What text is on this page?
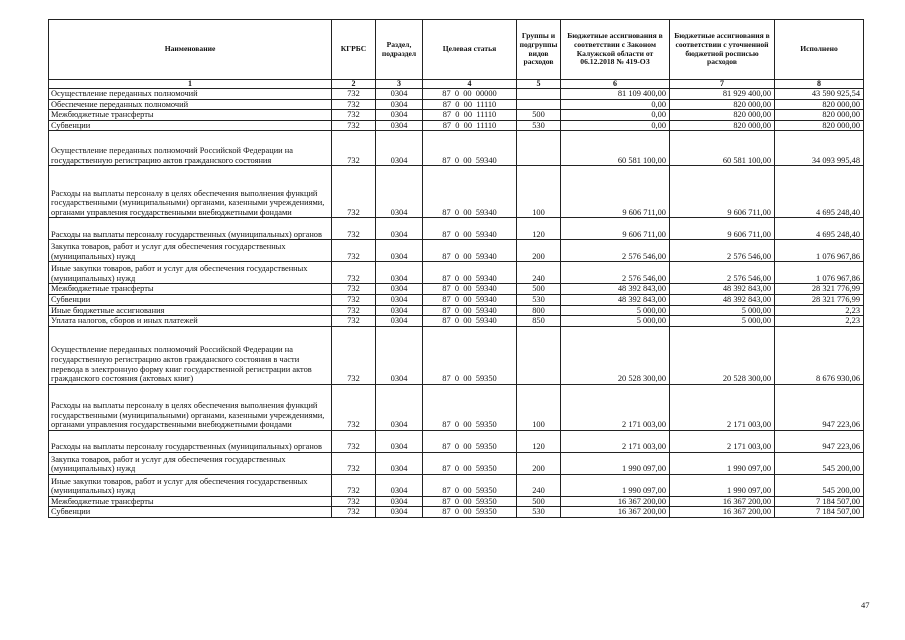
Наименование	КГРБС	Раздел, подраздел	Целевая статья	Группы и подгруппы видов расходов	Бюджетные ассигнования в соответствии с Законом Калужской области от 06.12.2018 № 419-ОЗ	Бюджетные ассигнования в соответствии с уточненной бюджетной росписью расходов	Исполнено
1	2	3	4	5	6	7	8
Осуществление переданных полномочий	732	0304	87  0  00  00000		81 109 400,00	81 929 400,00	43 590 925,54
Обеспечение переданных полномочий	732	0304	87  0  00  11110		0,00	820 000,00	820 000,00
Межбюджетные трансферты	732	0304	87  0  00  11110	500	0,00	820 000,00	820 000,00
Субвенции	732	0304	87  0  00  11110	530	0,00	820 000,00	820 000,00
Осуществление переданных полномочий Российской Федерации на государственную регистрацию актов гражданского состояния	732	0304	87  0  00  59340		60 581 100,00	60 581 100,00	34 093 995,48
Расходы на выплаты персоналу в целях обеспечения выполнения функций государственными (муниципальными) органами, казенными учреждениями, органами управления государственными внебюджетными фондами	732	0304	87  0  00  59340	100	9 606 711,00	9 606 711,00	4 695 248,40
Расходы на выплаты персоналу государственных (муниципальных) органов	732	0304	87  0  00  59340	120	9 606 711,00	9 606 711,00	4 695 248,40
Закупка товаров, работ и услуг для обеспечения государственных (муниципальных) нужд	732	0304	87  0  00  59340	200	2 576 546,00	2 576 546,00	1 076 967,86
Иные закупки товаров, работ и услуг для обеспечения государственных (муниципальных) нужд	732	0304	87  0  00  59340	240	2 576 546,00	2 576 546,00	1 076 967,86
Межбюджетные трансферты	732	0304	87  0  00  59340	500	48 392 843,00	48 392 843,00	28 321 776,99
Субвенции	732	0304	87  0  00  59340	530	48 392 843,00	48 392 843,00	28 321 776,99
Иные бюджетные ассигнования	732	0304	87  0  00  59340	800	5 000,00	5 000,00	2,23
Уплата налогов, сборов и иных платежей	732	0304	87  0  00  59340	850	5 000,00	5 000,00	2,23
Осуществление переданных полномочий Российской Федерации на государственную регистрацию актов гражданского состояния в части перевода в электронную форму книг государственной регистрации актов гражданского состояния (актовых книг)	732	0304	87  0  00  59350		20 528 300,00	20 528 300,00	8 676 930,06
Расходы на выплаты персоналу в целях обеспечения выполнения функций государственными (муниципальными) органами, казенными учреждениями, органами управления государственными внебюджетными фондами	732	0304	87  0  00  59350	100	2 171 003,00	2 171 003,00	947 223,06
Расходы на выплаты персоналу государственных (муниципальных) органов	732	0304	87  0  00  59350	120	2 171 003,00	2 171 003,00	947 223,06
Закупка товаров, работ и услуг для обеспечения государственных (муниципальных) нужд	732	0304	87  0  00  59350	200	1 990 097,00	1 990 097,00	545 200,00
Иные закупки товаров, работ и услуг для обеспечения государственных (муниципальных) нужд	732	0304	87  0  00  59350	240	1 990 097,00	1 990 097,00	545 200,00
Межбюджетные трансферты	732	0304	87  0  00  59350	500	16 367 200,00	16 367 200,00	7 184 507,00
Субвенции	732	0304	87  0  00  59350	530	16 367 200,00	16 367 200,00	7 184 507,00
47
